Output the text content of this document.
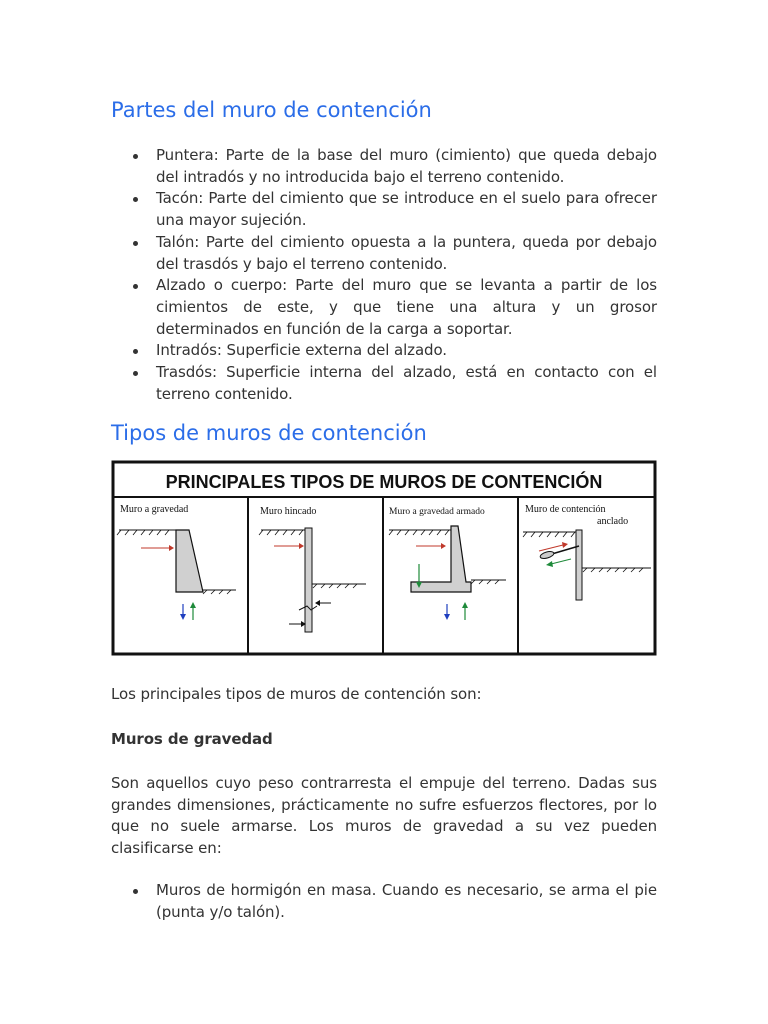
Partes del muro de contención
Puntera: Parte de la base del muro (cimiento) que queda debajo del intradós y no introducida bajo el terreno contenido.
Tacón: Parte del cimiento que se introduce en el suelo para ofrecer una mayor sujeción.
Talón: Parte del cimiento opuesta a la puntera, queda por debajo del trasdós y bajo el terreno contenido.
Alzado o cuerpo: Parte del muro que se levanta a partir de los cimientos de este, y que tiene una altura y un grosor determinados en función de la carga a soportar.
Intradós: Superficie externa del alzado.
Trasdós: Superficie interna del alzado, está en contacto con el terreno contenido.
Tipos de muros de contención

Los principales tipos de muros de contención son:

Muros de gravedad

Son aquellos cuyo peso contrarresta el empuje del terreno. Dadas sus grandes dimensiones, prácticamente no sufre esfuerzos flectores, por lo que no suele armarse. Los muros de gravedad a su vez pueden clasificarse en:

Muros de hormigón en masa. Cuando es necesario, se arma el pie (punta y/o talón).
PRINCIPALES TIPOS DE MUROS DE CONTENCIÓN
Muro a gravedad	Muro hincado	Muro a gravedad armado	Muro de contención
anclado
